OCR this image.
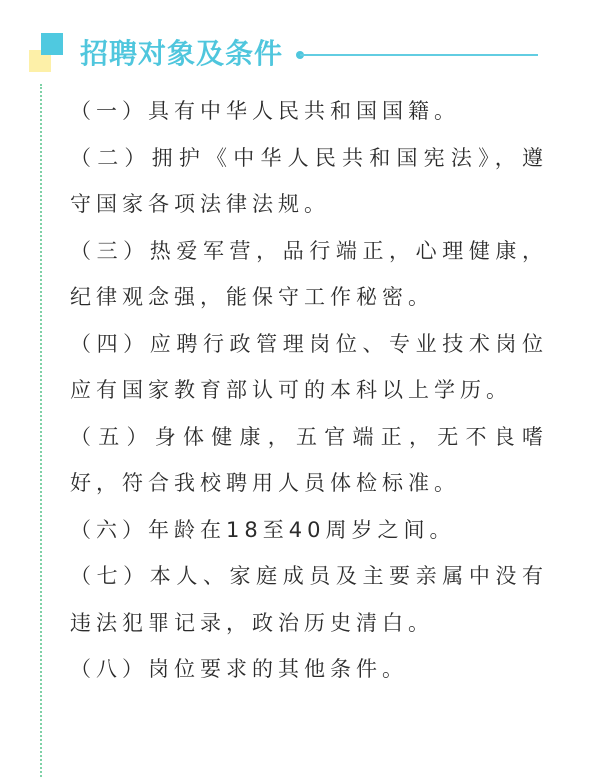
招聘对象及条件
（一）具有中华人民共和国国籍。
（二）拥护《中华人民共和国宪法》，遵守国家各项法律法规。
（三）热爱军营，品行端正，心理健康，纪律观念强，能保守工作秘密。
（四）应聘行政管理岗位、专业技术岗位应有国家教育部认可的本科以上学历。
（五）身体健康，五官端正，无不良嗜好，符合我校聘用人员体检标准。
（六）年龄在18至40周岁之间。
（七）本人、家庭成员及主要亲属中没有违法犯罪记录，政治历史清白。
（八）岗位要求的其他条件。
